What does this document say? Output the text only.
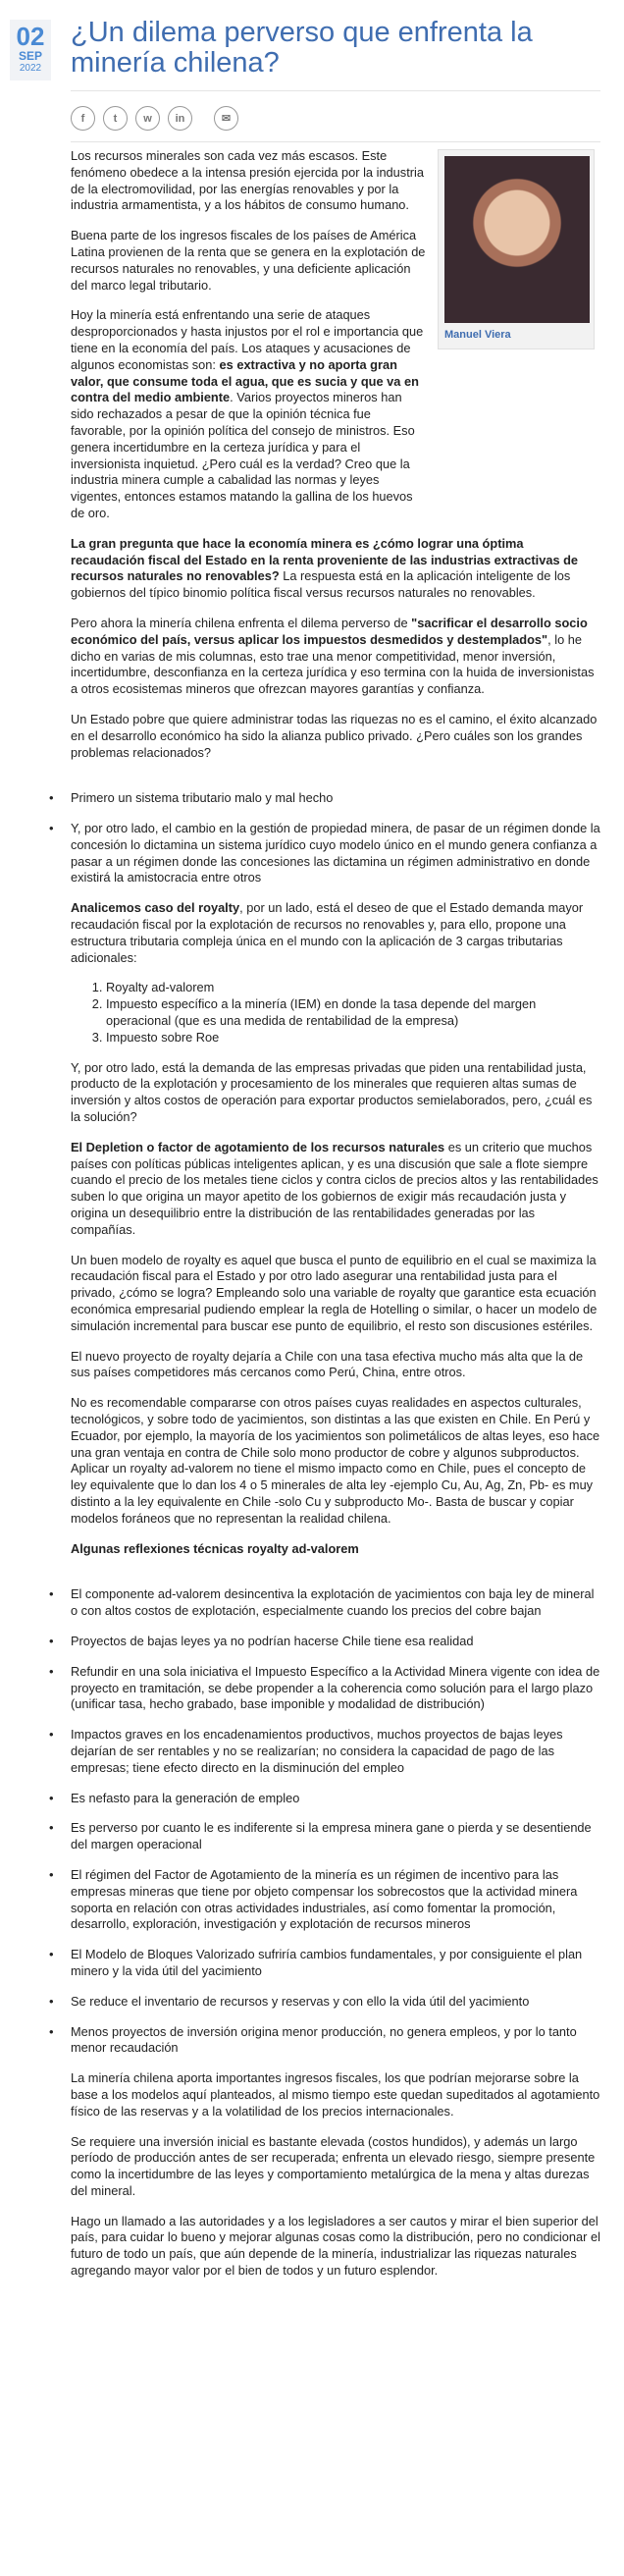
02
SEP
2022
¿Un dilema perverso que enfrenta la minería chilena?
f	t	w	in	✉
Manuel Viera

Los recursos minerales son cada vez más escasos. Este fenómeno obedece a la intensa presión ejercida por la industria de la electromovilidad, por las energías renovables y por la industria armamentista, y a los hábitos de consumo humano.

Buena parte de los ingresos fiscales de los países de América Latina provienen de la renta que se genera en la explotación de recursos naturales no renovables, y una deficiente aplicación del marco legal tributario.

Hoy la minería está enfrentando una serie de ataques desproporcionados y hasta injustos por el rol e importancia que tiene en la economía del país. Los ataques y acusaciones de algunos economistas son: es extractiva y no aporta gran valor, que consume toda el agua, que es sucia y que va en contra del medio ambiente. Varios proyectos mineros han sido rechazados a pesar de que la opinión técnica fue favorable, por la opinión política del consejo de ministros. Eso genera incertidumbre en la certeza jurídica y para el inversionista inquietud. ¿Pero cuál es la verdad? Creo que la industria minera cumple a cabalidad las normas y leyes vigentes, entonces estamos matando la gallina de los huevos de oro.

La gran pregunta que hace la economía minera es ¿cómo lograr una óptima recaudación fiscal del Estado en la renta proveniente de las industrias extractivas de recursos naturales no renovables? La respuesta está en la aplicación inteligente de los gobiernos del típico binomio política fiscal versus recursos naturales no renovables.

Pero ahora la minería chilena enfrenta el dilema perverso de "sacrificar el desarrollo socio económico del país, versus aplicar los impuestos desmedidos y destemplados", lo he dicho en varias de mis columnas, esto trae una menor competitividad, menor inversión, incertidumbre, desconfianza en la certeza jurídica y eso termina con la huida de inversionistas a otros ecosistemas mineros que ofrezcan mayores garantías y confianza.

Un Estado pobre que quiere administrar todas las riquezas no es el camino, el éxito alcanzado en el desarrollo económico ha sido la alianza publico privado. ¿Pero cuáles son los grandes problemas relacionados?

• Primero un sistema tributario malo y mal hecho
• Y, por otro lado, el cambio en la gestión de propiedad minera, de pasar de un régimen donde la concesión lo dictamina un sistema jurídico cuyo modelo único en el mundo genera confianza a pasar a un régimen donde las concesiones las dictamina un régimen administrativo en donde existirá la amistocracia entre otros

Analicemos caso del royalty, por un lado, está el deseo de que el Estado demanda mayor recaudación fiscal por la explotación de recursos no renovables y, para ello, propone una estructura tributaria compleja única en el mundo con la aplicación de 3 cargas tributarias adicionales:

1. Royalty ad-valorem
2. Impuesto específico a la minería (IEM) en donde la tasa depende del margen operacional (que es una medida de rentabilidad de la empresa)
3. Impuesto sobre Roe

Y, por otro lado, está la demanda de las empresas privadas que piden una rentabilidad justa, producto de la explotación y procesamiento de los minerales que requieren altas sumas de inversión y altos costos de operación para exportar productos semielaborados, pero, ¿cuál es la solución?

El Depletion o factor de agotamiento de los recursos naturales es un criterio que muchos países con políticas públicas inteligentes aplican, y es una discusión que sale a flote siempre cuando el precio de los metales tiene ciclos y contra ciclos de precios altos y las rentabilidades suben lo que origina un mayor apetito de los gobiernos de exigir más recaudación justa y origina un desequilibrio entre la distribución de las rentabilidades generadas por las compañías.

Un buen modelo de royalty es aquel que busca el punto de equilibrio en el cual se maximiza la recaudación fiscal para el Estado y por otro lado asegurar una rentabilidad justa para el privado, ¿cómo se logra? Empleando solo una variable de royalty que garantice esta ecuación económica empresarial pudiendo emplear la regla de Hotelling o similar, o hacer un modelo de simulación incremental para buscar ese punto de equilibrio, el resto son discusiones estériles.

El nuevo proyecto de royalty dejaría a Chile con una tasa efectiva mucho más alta que la de sus países competidores más cercanos como Perú, China, entre otros.

No es recomendable compararse con otros países cuyas realidades en aspectos culturales, tecnológicos, y sobre todo de yacimientos, son distintas a las que existen en Chile. En Perú y Ecuador, por ejemplo, la mayoría de los yacimientos son polimetálicos de altas leyes, eso hace una gran ventaja en contra de Chile solo mono productor de cobre y algunos subproductos. Aplicar un royalty ad-valorem no tiene el mismo impacto como en Chile, pues el concepto de ley equivalente que lo dan los 4 o 5 minerales de alta ley -ejemplo Cu, Au, Ag, Zn, Pb- es muy distinto a la ley equivalente en Chile -solo Cu y subproducto Mo-. Basta de buscar y copiar modelos foráneos que no representan la realidad chilena.

Algunas reflexiones técnicas royalty ad-valorem

• El componente ad-valorem desincentiva la explotación de yacimientos con baja ley de mineral o con altos costos de explotación, especialmente cuando los precios del cobre bajan
• Proyectos de bajas leyes ya no podrían hacerse Chile tiene esa realidad
• Refundir en una sola iniciativa el Impuesto Específico a la Actividad Minera vigente con idea de proyecto en tramitación, se debe propender a la coherencia como solución para el largo plazo (unificar tasa, hecho grabado, base imponible y modalidad de distribución)
• Impactos graves en los encadenamientos productivos, muchos proyectos de bajas leyes dejarían de ser rentables y no se realizarían; no considera la capacidad de pago de las empresas; tiene efecto directo en la disminución del empleo
• Es nefasto para la generación de empleo
• Es perverso por cuanto le es indiferente si la empresa minera gane o pierda y se desentiende del margen operacional
• El régimen del Factor de Agotamiento de la minería es un régimen de incentivo para las empresas mineras que tiene por objeto compensar los sobrecostos que la actividad minera soporta en relación con otras actividades industriales, así como fomentar la promoción, desarrollo, exploración, investigación y explotación de recursos mineros
• El Modelo de Bloques Valorizado sufriría cambios fundamentales, y por consiguiente el plan minero y la vida útil del yacimiento
• Se reduce el inventario de recursos y reservas y con ello la vida útil del yacimiento
• Menos proyectos de inversión origina menor producción, no genera empleos, y por lo tanto menor recaudación

La minería chilena aporta importantes ingresos fiscales, los que podrían mejorarse sobre la base a los modelos aquí planteados, al mismo tiempo este quedan supeditados al agotamiento físico de las reservas y a la volatilidad de los precios internacionales.

Se requiere una inversión inicial es bastante elevada (costos hundidos), y además un largo período de producción antes de ser recuperada; enfrenta un elevado riesgo, siempre presente como la incertidumbre de las leyes y comportamiento metalúrgica de la mena y altas durezas del mineral.

Hago un llamado a las autoridades y a los legisladores a ser cautos y mirar el bien superior del país, para cuidar lo bueno y mejorar algunas cosas como la distribución, pero no condicionar el futuro de todo un país, que aún depende de la minería, industrializar las riquezas naturales agregando mayor valor por el bien de todos y un futuro esplendor.
